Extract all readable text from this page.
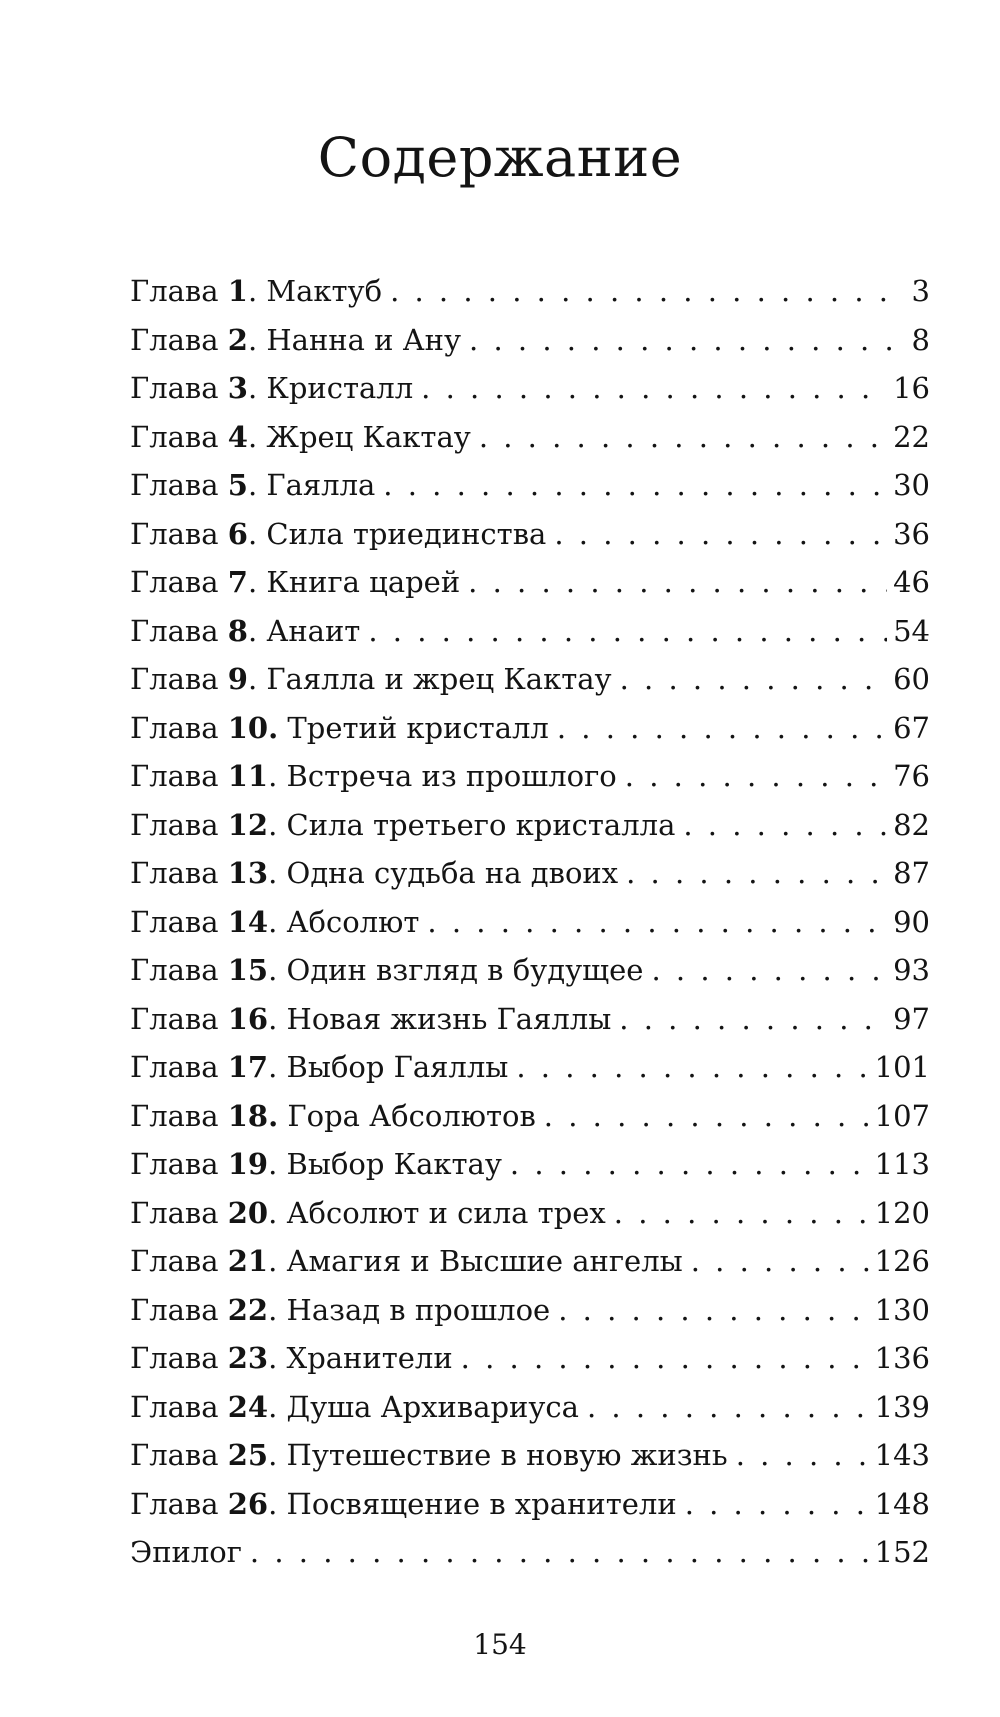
Содержание
Глава 1. Мактуб . . .	3
Глава 2. Нанна и Ану . . .	8
Глава 3. Кристалл . . .	16
Глава 4. Жрец Кактау . . .	22
Глава 5. Гаялла . . .	30
Глава 6. Сила триединства . . .	36
Глава 7. Книга царей . . .	46
Глава 8. Анаит . . .	54
Глава 9. Гаялла и жрец Кактау . . .	60
Глава 10. Третий кристалл . . .	67
Глава 11. Встреча из прошлого . . .	76
Глава 12. Сила третьего кристалла . . .	82
Глава 13. Одна судьба на двоих . . .	87
Глава 14. Абсолют . . .	90
Глава 15. Один взгляд в будущее . . .	93
Глава 16. Новая жизнь Гаяллы . . .	97
Глава 17. Выбор Гаяллы . . .	101
Глава 18. Гора Абсолютов . . .	107
Глава 19. Выбор Кактау . . .	113
Глава 20. Абсолют и сила трех . . .	120
Глава 21. Амагия и Высшие ангелы . . .	126
Глава 22. Назад в прошлое . . .	130
Глава 23. Хранители . . .	136
Глава 24. Душа Архивариуса . . .	139
Глава 25. Путешествие в новую жизнь . . .	143
Глава 26. Посвящение в хранители . . .	148
Эпилог . . .	152

154
